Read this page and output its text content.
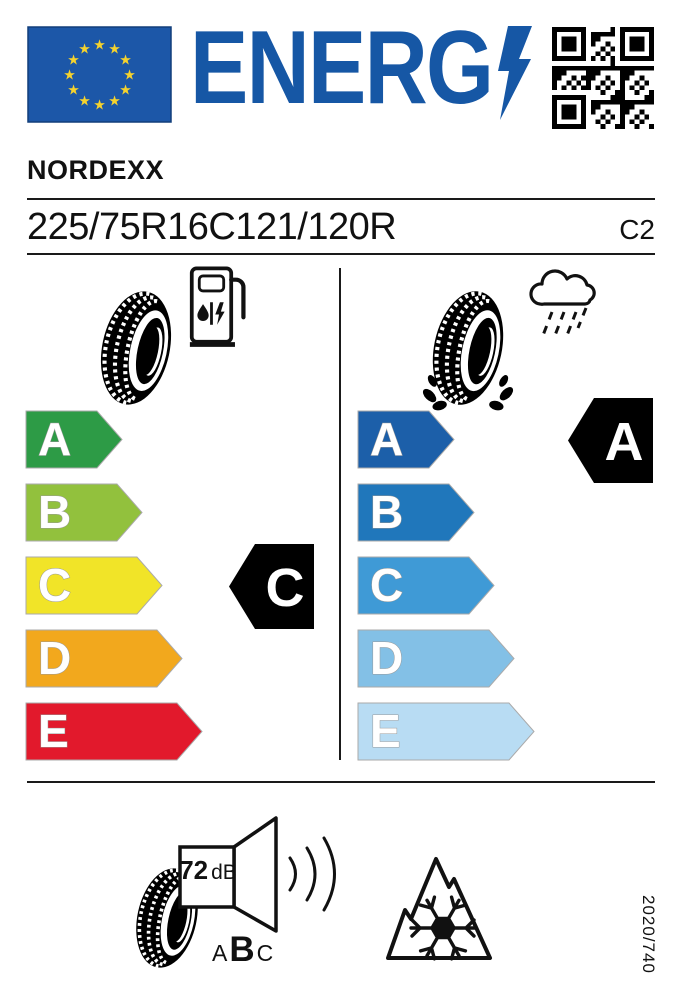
★ ★
★
★
★
★
★
★
★
★
★
★ ENERG
NORDEXX
225/75R16C121/120R	C2
A
B
C
D
E
C
A
B
C
D
E
A
72 dB
A B C	2020/740
